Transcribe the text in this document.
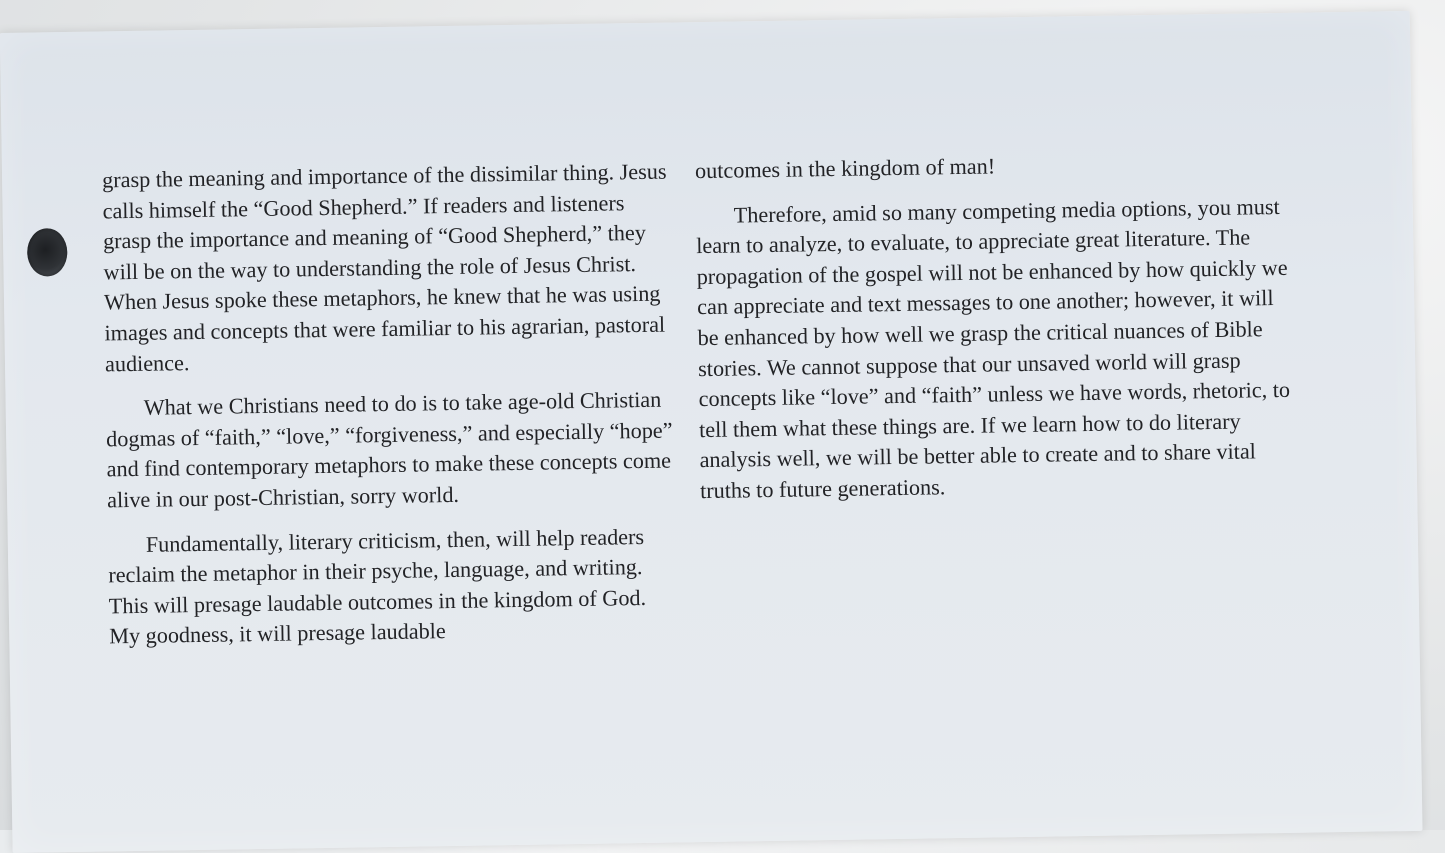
grasp the meaning and importance of the dissimilar thing. Jesus calls himself the “Good Shepherd.” If readers and listeners grasp the importance and meaning of “Good Shepherd,” they will be on the way to understanding the role of Jesus Christ. When Jesus spoke these metaphors, he knew that he was using images and concepts that were familiar to his agrarian, pastoral audience.

What we Christians need to do is to take age-old Christian dogmas of “faith,” “love,” “forgiveness,” and especially “hope” and find contemporary metaphors to make these concepts come alive in our post-Christian, sorry world.

Fundamentally, literary criticism, then, will help readers reclaim the metaphor in their psyche, language, and writing. This will presage laudable outcomes in the kingdom of God. My goodness, it will presage laudable

outcomes in the kingdom of man!

Therefore, amid so many competing media options, you must learn to analyze, to evaluate, to appreciate great literature. The propagation of the gospel will not be enhanced by how quickly we can appreciate and text messages to one another; however, it will be enhanced by how well we grasp the critical nuances of Bible stories. We cannot suppose that our unsaved world will grasp concepts like “love” and “faith” unless we have words, rhetoric, to tell them what these things are. If we learn how to do literary analysis well, we will be better able to create and to share vital truths to future generations.
